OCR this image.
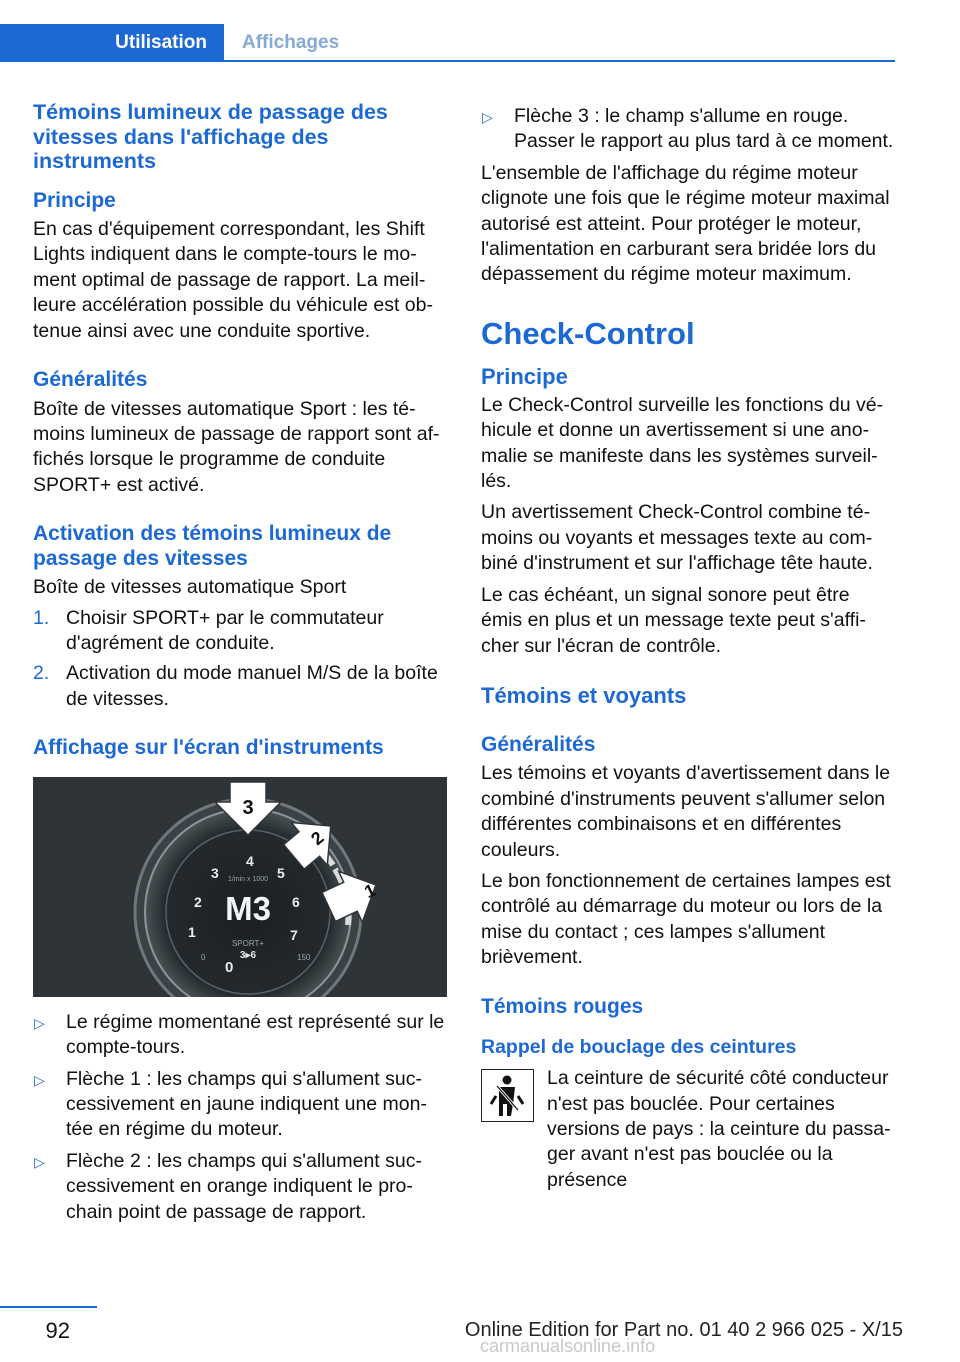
Utilisation	Affichages
Témoins lumineux de passage des vitesses dans l'affichage des instruments
Principe

En cas d'équipement correspondant, les Shift Lights indiquent dans le compte-tours le moment optimal de passage de rapport. La meilleure accélération possible du véhicule est obtenue ainsi avec une conduite sportive.

Généralités

Boîte de vitesses automatique Sport : les témoins lumineux de passage de rapport sont affichés lorsque le programme de conduite SPORT+ est activé.

Activation des témoins lumineux de passage des vitesses

Boîte de vitesses automatique Sport

1. Choisir SPORT+ par le commutateur d'agrément de conduite.
2. Activation du mode manuel M/S de la boîte de vitesses.
Affichage sur l'écran d'instruments
0
1
2
3
4
5
6
7
1/min x 1000
M3
SPORT+
3▸6
0	150
3
2
1
▷ Le régime momentané est représenté sur le compte-tours.
▷ Flèche 1 : les champs qui s'allument successivement en jaune indiquent une montée en régime du moteur.
▷ Flèche 2 : les champs qui s'allument successivement en orange indiquent le prochain point de passage de rapport.
▷ Flèche 3 : le champ s'allume en rouge. Passer le rapport au plus tard à ce moment.

L'ensemble de l'affichage du régime moteur clignote une fois que le régime moteur maximal autorisé est atteint. Pour protéger le moteur, l'alimentation en carburant sera bridée lors du dépassement du régime moteur maximum.

Check-Control
Principe

Le Check-Control surveille les fonctions du véhicule et donne un avertissement si une anomalie se manifeste dans les systèmes surveillés.

Un avertissement Check-Control combine témoins ou voyants et messages texte au combiné d'instrument et sur l'affichage tête haute.

Le cas échéant, un signal sonore peut être émis en plus et un message texte peut s'afficher sur l'écran de contrôle.

Témoins et voyants
Généralités

Les témoins et voyants d'avertissement dans le combiné d'instruments peuvent s'allumer selon différentes combinaisons et en différentes couleurs.

Le bon fonctionnement de certaines lampes est contrôlé au démarrage du moteur ou lors de la mise du contact ; ces lampes s'allument brièvement.

Témoins rouges
Rappel de bouclage des ceintures
La ceinture de sécurité côté conducteur n'est pas bouclée. Pour certaines versions de pays : la ceinture du passager avant n'est pas bouclée ou la présence
92	Online Edition for Part no. 01 40 2 966 025 - X/15
carmanualsonline.info
